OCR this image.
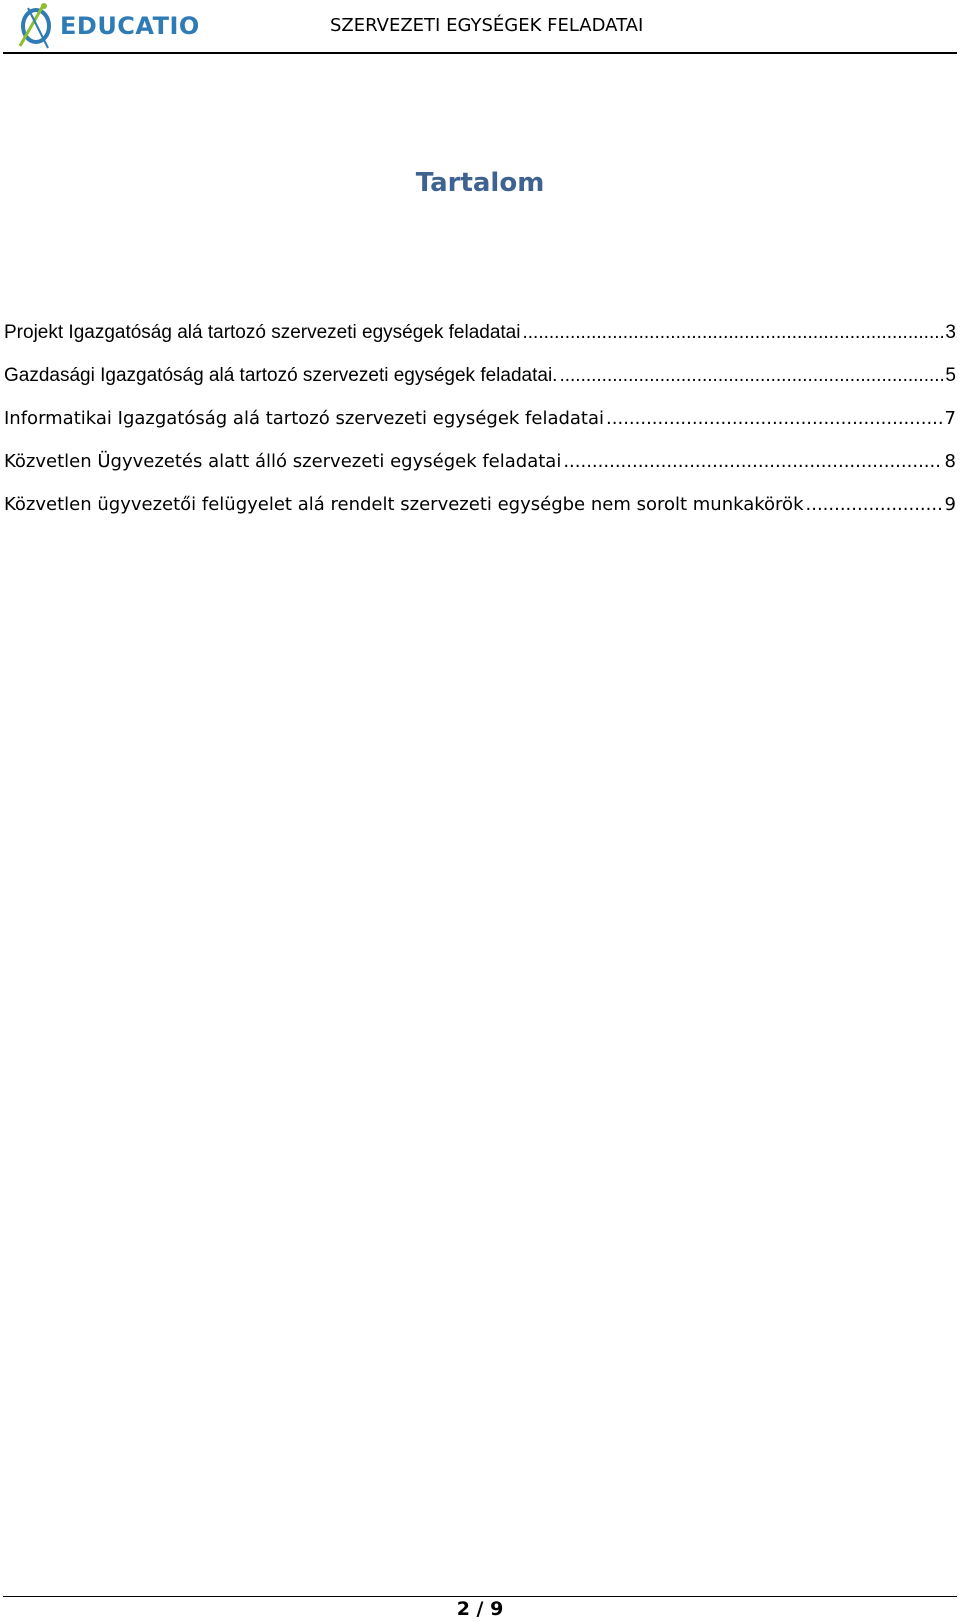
EDUCATIO	SZERVEZETI EGYSÉGEK FELADATAI
Tartalom
Projekt Igazgatóság alá tartozó szervezeti egységek feladatai .....	3
Gazdasági Igazgatóság alá tartozó szervezeti egységek feladatai. .....	5
Informatikai Igazgatóság alá tartozó szervezeti egységek feladatai .....	7
Közvetlen Ügyvezetés alatt álló szervezeti egységek feladatai .....	8
Közvetlen ügyvezetői felügyelet alá rendelt szervezeti egységbe nem sorolt munkakörök .....	9
2 / 9
